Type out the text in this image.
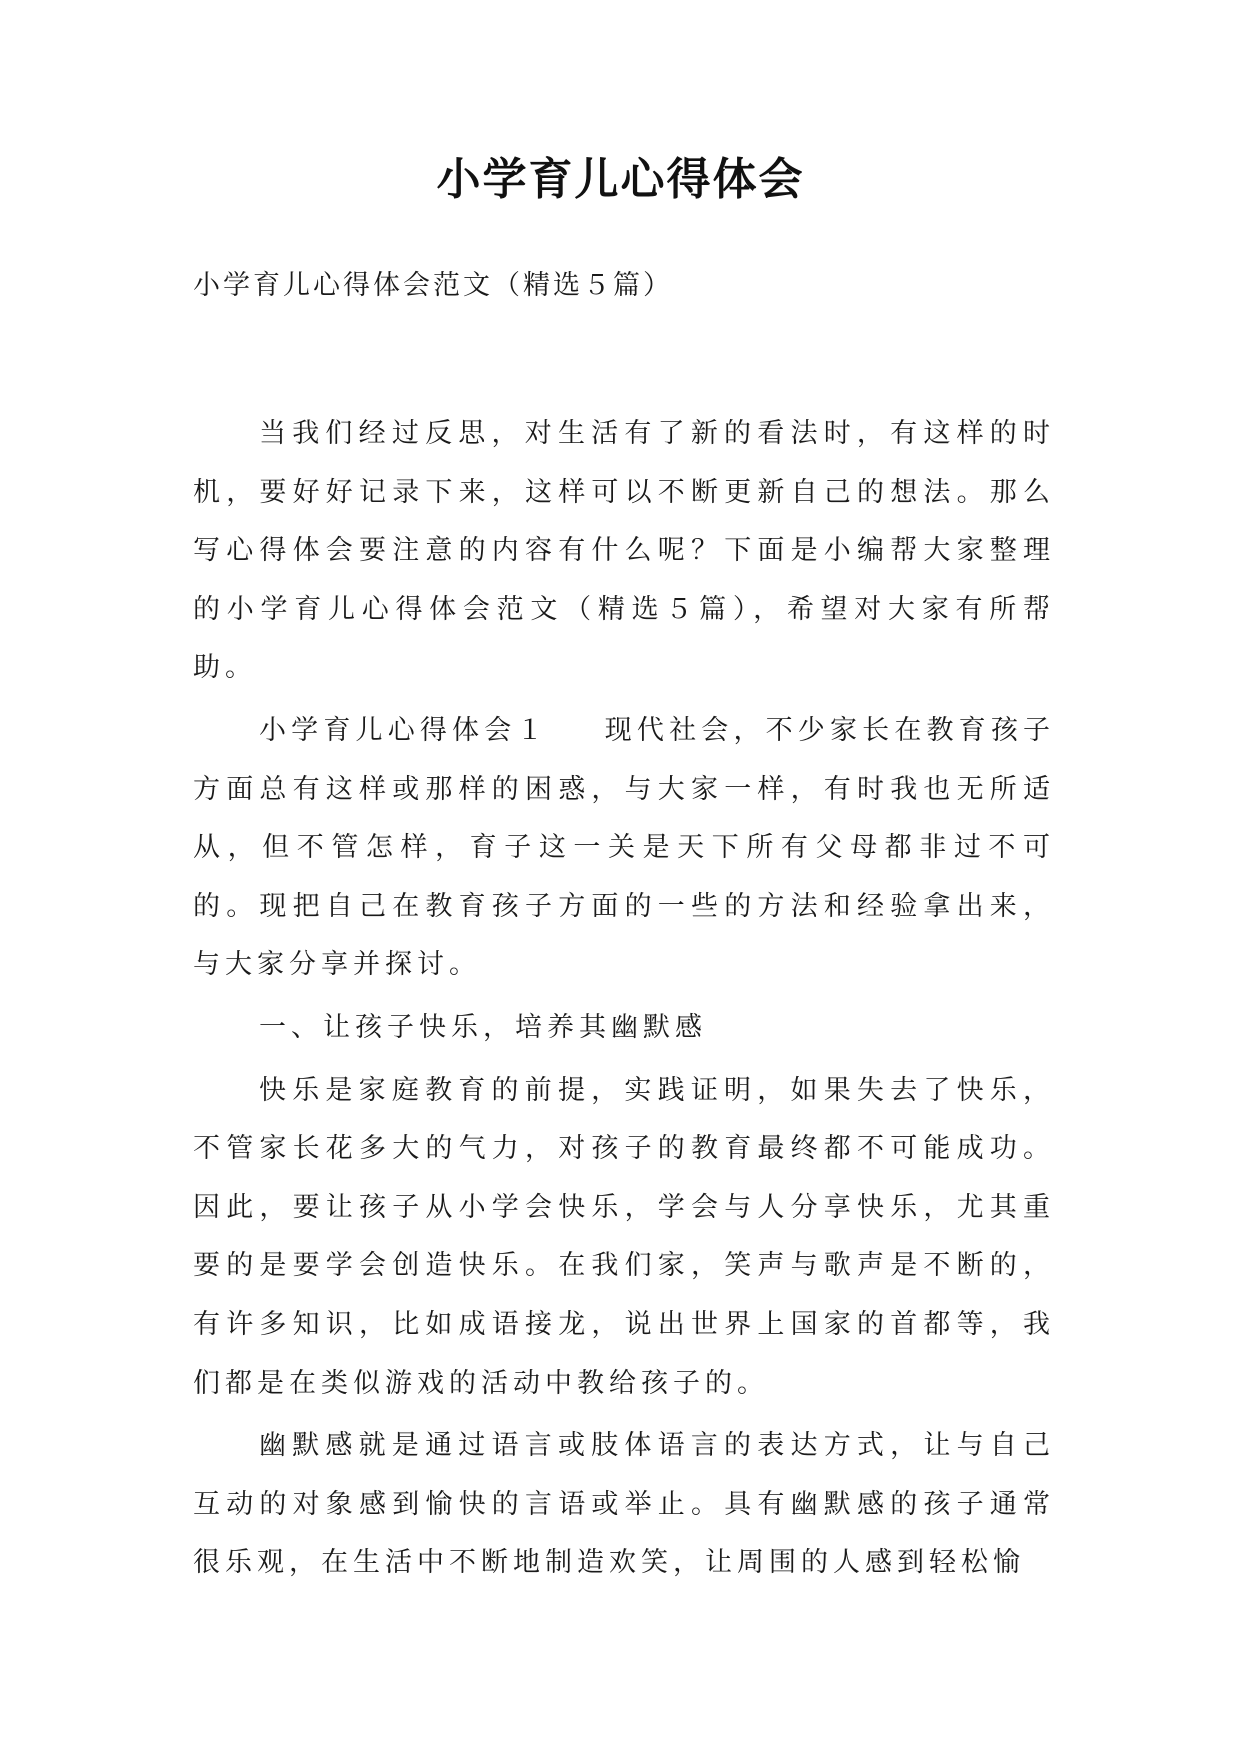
小学育儿心得体会
小学育儿心得体会范文（精选５篇）

当我们经过反思，对生活有了新的看法时，有这样的时机，要好好记录下来，这样可以不断更新自己的想法。那么写心得体会要注意的内容有什么呢？下面是小编帮大家整理的小学育儿心得体会范文（精选５篇），希望对大家有所帮助。

小学育儿心得体会１ 现代社会，不少家长在教育孩子方面总有这样或那样的困惑，与大家一样，有时我也无所适从，但不管怎样，育子这一关是天下所有父母都非过不可的。现把自己在教育孩子方面的一些的方法和经验拿出来，与大家分享并探讨。

一、让孩子快乐，培养其幽默感

快乐是家庭教育的前提，实践证明，如果失去了快乐，不管家长花多大的气力，对孩子的教育最终都不可能成功。因此，要让孩子从小学会快乐，学会与人分享快乐，尤其重要的是要学会创造快乐。在我们家，笑声与歌声是不断的，有许多知识，比如成语接龙，说出世界上国家的首都等，我们都是在类似游戏的活动中教给孩子的。

幽默感就是通过语言或肢体语言的表达方式，让与自己互动的对象感到愉快的言语或举止。具有幽默感的孩子通常很乐观，在生活中不断地制造欢笑，让周围的人感到轻松愉
